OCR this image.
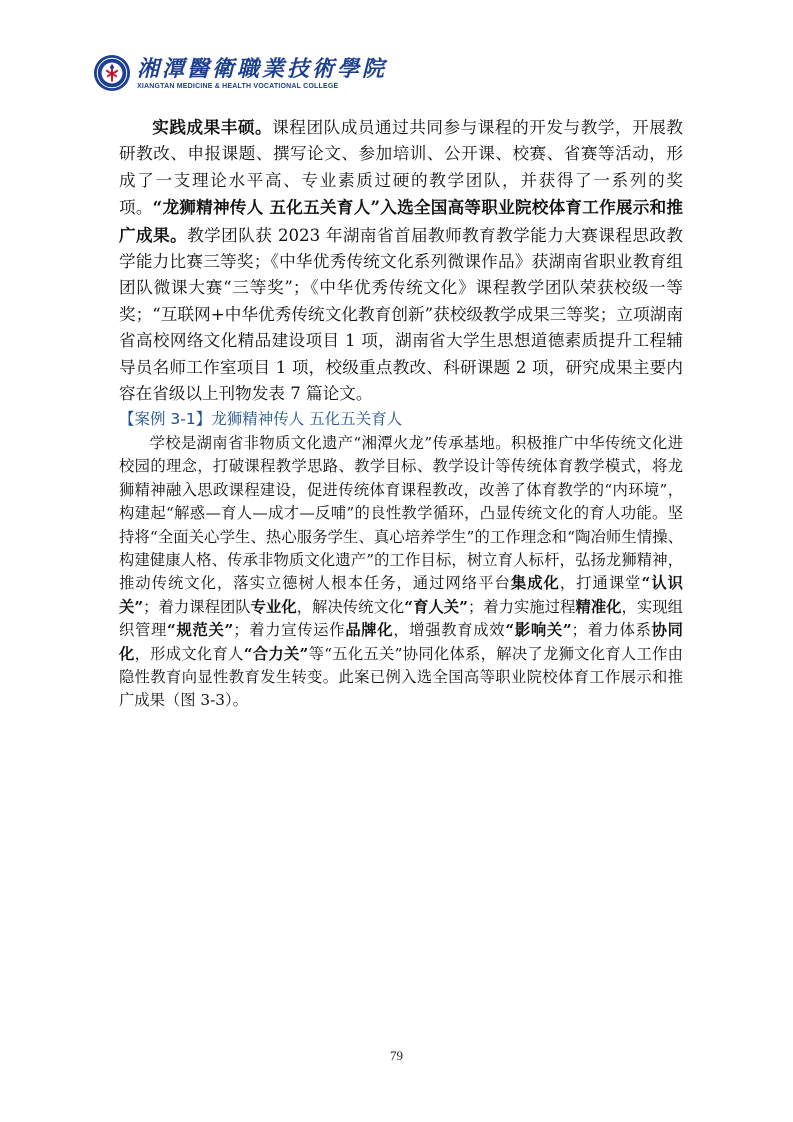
湘潭醫衛職業技術學院
XIANGTAN MEDICINE & HEALTH VOCATIONAL COLLEGE

实践成果丰硕。课程团队成员通过共同参与课程的开发与教学，开展教研教改、申报课题、撰写论文、参加培训、公开课、校赛、省赛等活动，形成了一支理论水平高、专业素质过硬的教学团队，并获得了一系列的奖项。“龙狮精神传人 五化五关育人”入选全国高等职业院校体育工作展示和推广成果。教学团队获 2023 年湖南省首届教师教育教学能力大赛课程思政教学能力比赛三等奖；《中华优秀传统文化系列微课作品》获湖南省职业教育组团队微课大赛“三等奖”；《中华优秀传统文化》课程教学团队荣获校级一等奖；“互联网+中华优秀传统文化教育创新”获校级教学成果三等奖；立项湖南省高校网络文化精品建设项目 1 项，湖南省大学生思想道德素质提升工程辅导员名师工作室项目 1 项，校级重点教改、科研课题 2 项，研究成果主要内容在省级以上刊物发表 7 篇论文。

【案例 3-1】龙狮精神传人 五化五关育人

学校是湖南省非物质文化遗产“湘潭火龙”传承基地。积极推广中华传统文化进校园的理念，打破课程教学思路、教学目标、教学设计等传统体育教学模式，将龙狮精神融入思政课程建设，促进传统体育课程教改，改善了体育教学的“内环境”，构建起“解惑—育人—成才—反哺”的良性教学循环，凸显传统文化的育人功能。坚持将“全面关心学生、热心服务学生、真心培养学生”的工作理念和“陶冶师生情操、构建健康人格、传承非物质文化遗产”的工作目标，树立育人标杆，弘扬龙狮精神，推动传统文化，落实立德树人根本任务，通过网络平台集成化，打通课堂“认识关”；着力课程团队专业化，解决传统文化“育人关”；着力实施过程精准化，实现组织管理“规范关”；着力宣传运作品牌化，增强教育成效“影响关”；着力体系协同化，形成文化育人“合力关”等“五化五关”协同化体系，解决了龙狮文化育人工作由隐性教育向显性教育发生转变。此案已例入选全国高等职业院校体育工作展示和推广成果（图 3-3）。

79
